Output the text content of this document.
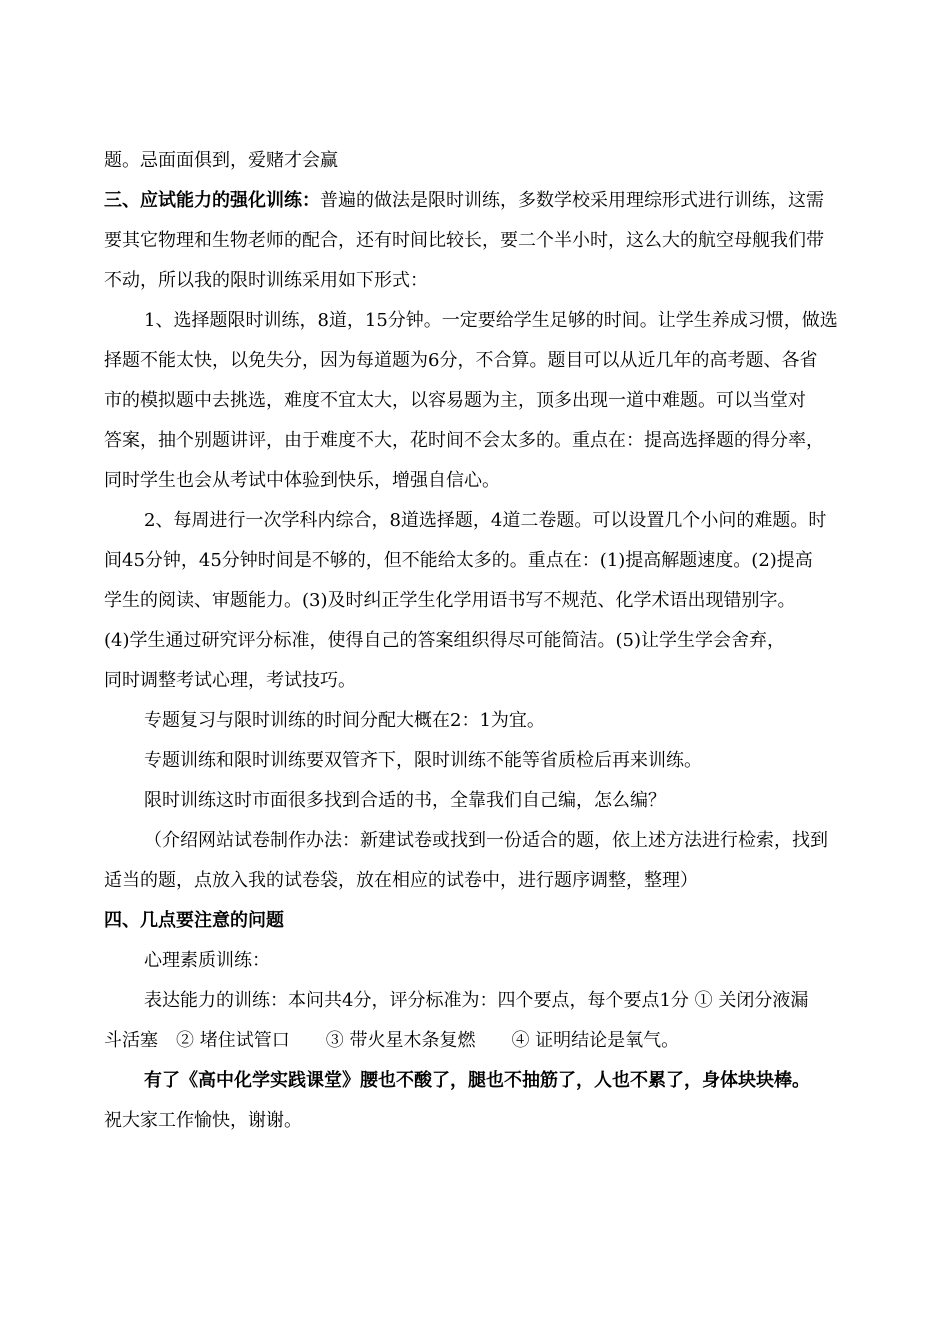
题。忌面面俱到，爱赌才会赢
三、应试能力的强化训练：普遍的做法是限时训练，多数学校采用理综形式进行训练，这需
要其它物理和生物老师的配合，还有时间比较长，要二个半小时，这么大的航空母舰我们带
不动，所以我的限时训练采用如下形式：
1、选择题限时训练，8道，15分钟。一定要给学生足够的时间。让学生养成习惯，做选
择题不能太快，以免失分，因为每道题为6分，不合算。题目可以从近几年的高考题、各省
市的模拟题中去挑选，难度不宜太大，以容易题为主，顶多出现一道中难题。可以当堂对
答案，抽个别题讲评，由于难度不大，花时间不会太多的。重点在：提高选择题的得分率，
同时学生也会从考试中体验到快乐，增强自信心。
2、每周进行一次学科内综合，8道选择题，4道二卷题。可以设置几个小问的难题。时
间45分钟，45分钟时间是不够的，但不能给太多的。重点在：(1)提高解题速度。(2)提高
学生的阅读、审题能力。(3)及时纠正学生化学用语书写不规范、化学术语出现错别字。
(4)学生通过研究评分标准，使得自己的答案组织得尽可能简洁。(5)让学生学会舍弃，
同时调整考试心理，考试技巧。
专题复习与限时训练的时间分配大概在2：1为宜。
专题训练和限时训练要双管齐下，限时训练不能等省质检后再来训练。
限时训练这时市面很多找到合适的书，全靠我们自己编，怎么编？
（介绍网站试卷制作办法：新建试卷或找到一份适合的题，依上述方法进行检索，找到
适当的题，点放入我的试卷袋，放在相应的试卷中，进行题序调整，整理）
四、几点要注意的问题
心理素质训练：
表达能力的训练：本问共4分，评分标准为：四个要点，每个要点1分 ① 关闭分液漏
斗活塞　② 堵住试管口　　③ 带火星木条复燃　　④ 证明结论是氧气。
有了《高中化学实践课堂》腰也不酸了，腿也不抽筋了，人也不累了，身体块块棒。
祝大家工作愉快，谢谢。
